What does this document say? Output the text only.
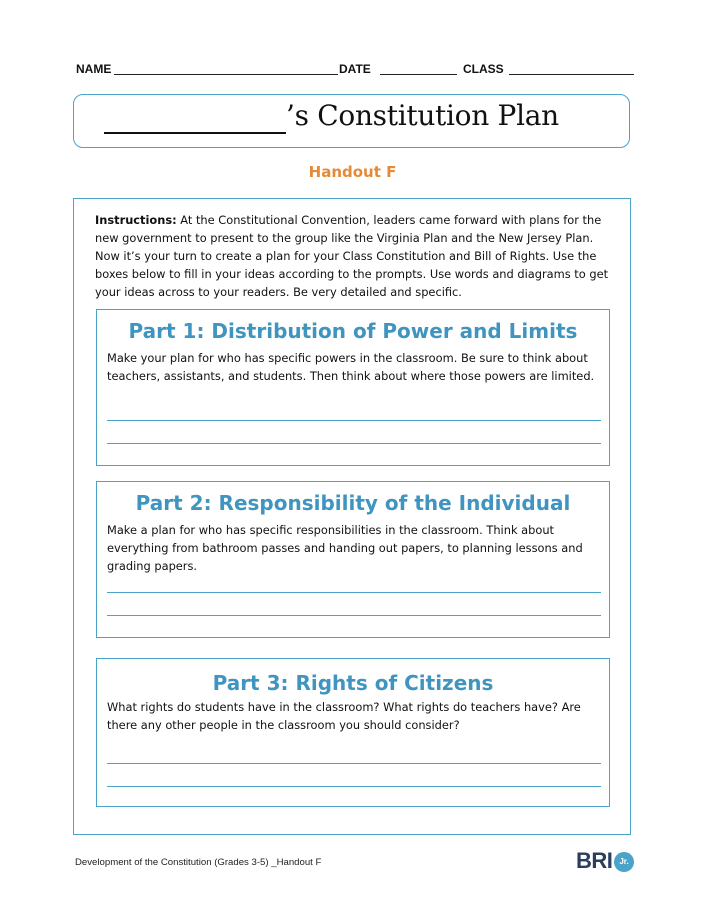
NAME	DATE	CLASS
’s Constitution Plan
Handout F
Instructions: At the Constitutional Convention, leaders came forward with plans for the new government to present to the group like the Virginia Plan and the New Jersey Plan. Now it’s your turn to create a plan for your Class Constitution and Bill of Rights. Use the boxes below to fill in your ideas according to the prompts. Use words and diagrams to get your ideas across to your readers. Be very detailed and specific.
Part 1: Distribution of Power and Limits
Make your plan for who has specific powers in the classroom. Be sure to think about teachers, assistants, and students. Then think about where those powers are limited.
Part 2: Responsibility of the Individual
Make a plan for who has specific responsibilities in the classroom. Think about everything from bathroom passes and handing out papers, to planning lessons and grading papers.
Part 3: Rights of Citizens
What rights do students have in the classroom? What rights do teachers have? Are there any other people in the classroom you should consider?
Development of the Constitution (Grades 3-5) _Handout F	BRI Jr.
